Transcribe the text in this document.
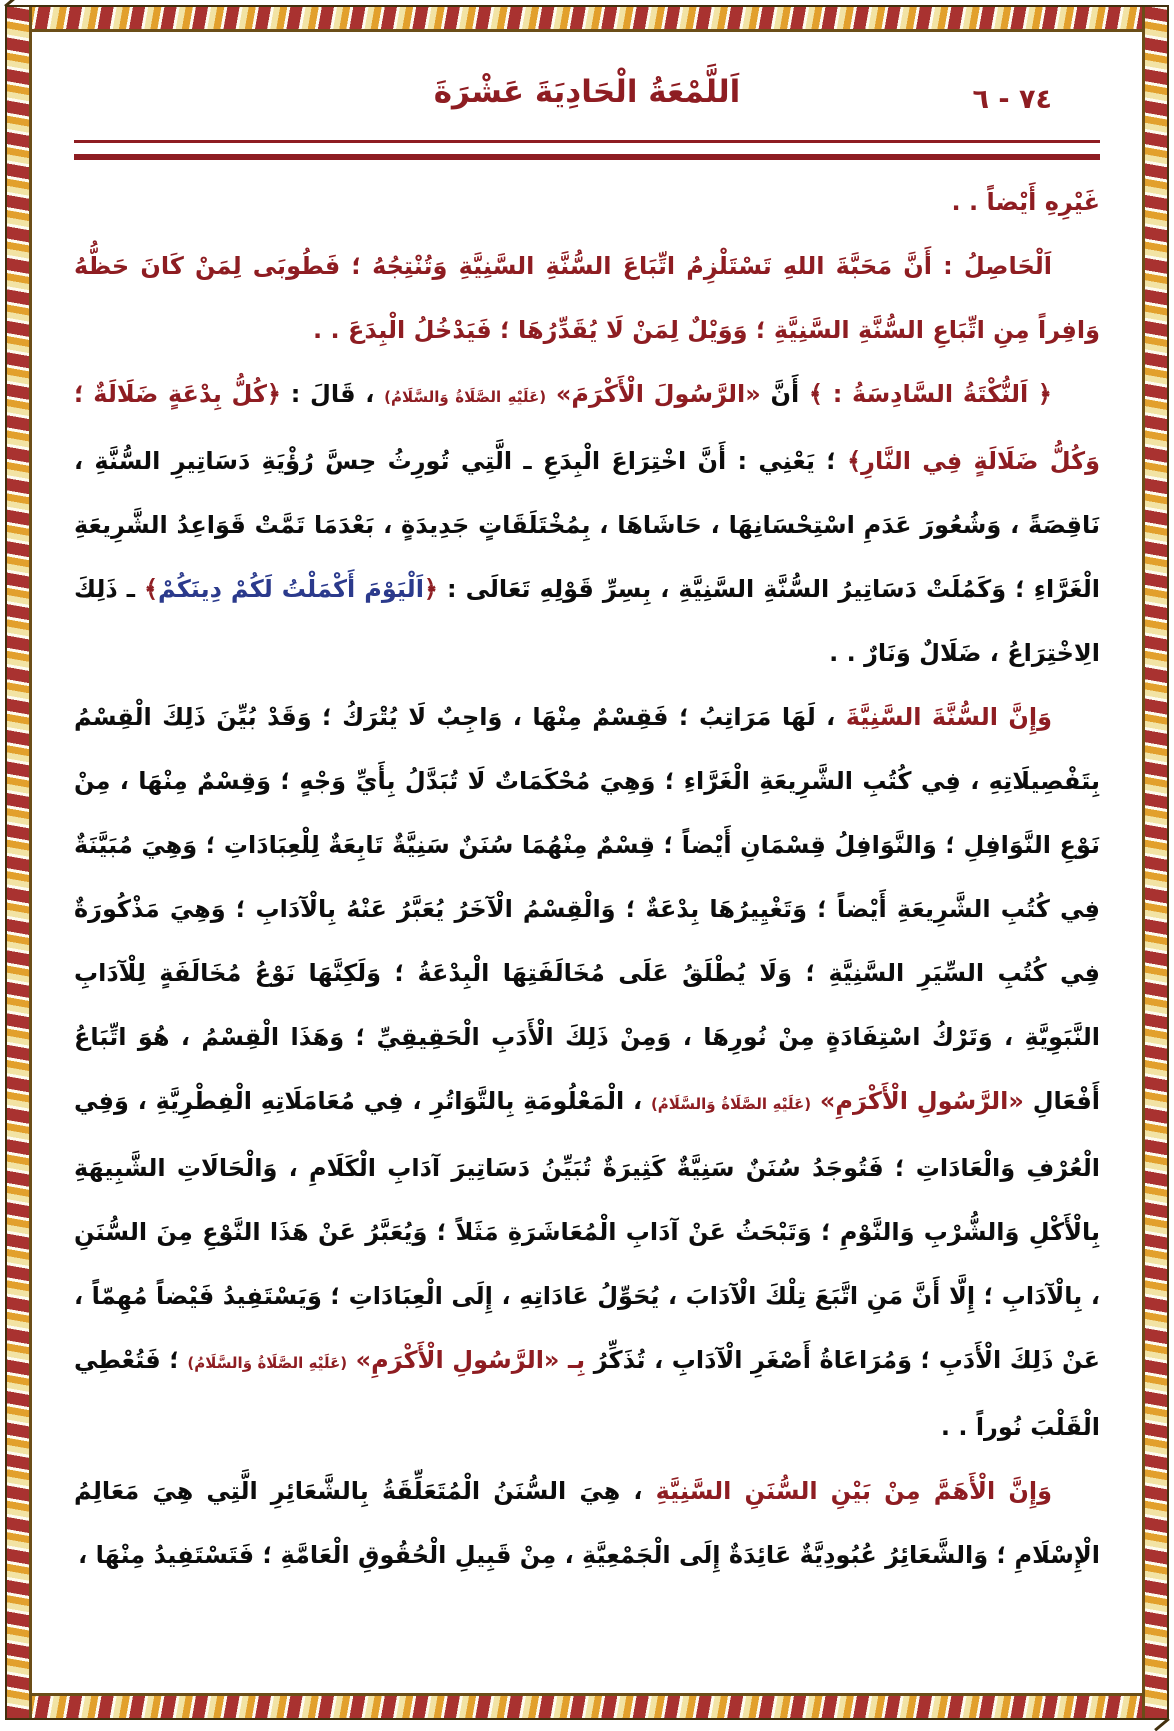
٧٤ - ٦
اَللَّمْعَةُ الْحَادِيَةَ عَشْرَةَ

غَيْرِهِ أَيْضاً . .

اَلْحَاصِلُ : أَنَّ مَحَبَّةَ اللهِ تَسْتَلْزِمُ اتِّبَاعَ السُّنَّةِ السَّنِيَّةِ وَتُنْتِجُهُ ؛ فَطُوبَى لِمَنْ كَانَ حَظُّهُ وَافِراً مِنِ اتِّبَاعِ السُّنَّةِ السَّنِيَّةِ ؛ وَوَيْلٌ لِمَنْ لَا يُقَدِّرُهَا ؛ فَيَدْخُلُ الْبِدَعَ . .

﴿ اَلنُّكْتَةُ السَّادِسَةُ : ﴾ أَنَّ «الرَّسُولَ الْأَكْرَمَ» (عَلَيْهِ الصَّلَاةُ وَالسَّلَامُ) ، قَالَ : ﴿كُلُّ بِدْعَةٍ ضَلَالَةٌ ؛ وَكُلُّ ضَلَالَةٍ فِي النَّارِ﴾ ؛ يَعْنِي : أَنَّ اخْتِرَاعَ الْبِدَعِ ـ الَّتِي تُورِثُ حِسَّ رُؤْيَةِ دَسَاتِيرِ السُّنَّةِ ، نَاقِصَةً ، وَشُعُورَ عَدَمِ اسْتِحْسَانِهَا ، حَاشَاهَا ، بِمُخْتَلَقَاتٍ جَدِيدَةٍ ، بَعْدَمَا تَمَّتْ قَوَاعِدُ الشَّرِيعَةِ الْغَرَّاءِ ؛ وَكَمُلَتْ دَسَاتِيرُ السُّنَّةِ السَّنِيَّةِ ، بِسِرِّ قَوْلِهِ تَعَالَى : ﴿اَلْيَوْمَ أَكْمَلْتُ لَكُمْ دِينَكُمْ﴾ ـ ذَلِكَ الِاخْتِرَاعُ ، ضَلَالٌ وَنَارٌ . .

وَإِنَّ السُّنَّةَ السَّنِيَّةَ ، لَهَا مَرَاتِبُ ؛ فَقِسْمٌ مِنْهَا ، وَاجِبٌ لَا يُتْرَكُ ؛ وَقَدْ بُيِّنَ ذَلِكَ الْقِسْمُ بِتَفْصِيلَاتِهِ ، فِي كُتُبِ الشَّرِيعَةِ الْغَرَّاءِ ؛ وَهِيَ مُحْكَمَاتٌ لَا تُبَدَّلُ بِأَيِّ وَجْهٍ ؛ وَقِسْمٌ مِنْهَا ، مِنْ نَوْعِ النَّوَافِلِ ؛ وَالنَّوَافِلُ قِسْمَانِ أَيْضاً ؛ قِسْمٌ مِنْهُمَا سُنَنٌ سَنِيَّةٌ تَابِعَةٌ لِلْعِبَادَاتِ ؛ وَهِيَ مُبَيَّنَةٌ فِي كُتُبِ الشَّرِيعَةِ أَيْضاً ؛ وَتَغْيِيرُهَا بِدْعَةٌ ؛ وَالْقِسْمُ الْآخَرُ يُعَبَّرُ عَنْهُ بِالْآدَابِ ؛ وَهِيَ مَذْكُورَةٌ فِي كُتُبِ السِّيَرِ السَّنِيَّةِ ؛ وَلَا يُطْلَقُ عَلَى مُخَالَفَتِهَا الْبِدْعَةُ ؛ وَلَكِنَّهَا نَوْعُ مُخَالَفَةٍ لِلْآدَابِ النَّبَوِيَّةِ ، وَتَرْكُ اسْتِفَادَةٍ مِنْ نُورِهَا ، وَمِنْ ذَلِكَ الْأَدَبِ الْحَقِيقِيِّ ؛ وَهَذَا الْقِسْمُ ، هُوَ اتِّبَاعُ أَفْعَالِ «الرَّسُولِ الْأَكْرَمِ» (عَلَيْهِ الصَّلَاةُ وَالسَّلَامُ) ، الْمَعْلُومَةِ بِالتَّوَاتُرِ ، فِي مُعَامَلَاتِهِ الْفِطْرِيَّةِ ، وَفِي الْعُرْفِ وَالْعَادَاتِ ؛ فَتُوجَدُ سُنَنٌ سَنِيَّةٌ كَثِيرَةٌ تُبَيِّنُ دَسَاتِيرَ آدَابِ الْكَلَامِ ، وَالْحَالَاتِ الشَّبِيهَةِ بِالْأَكْلِ وَالشُّرْبِ وَالنَّوْمِ ؛ وَتَبْحَثُ عَنْ آدَابِ الْمُعَاشَرَةِ مَثَلاً ؛ وَيُعَبَّرُ عَنْ هَذَا النَّوْعِ مِنَ السُّنَنِ ، بِالْآدَابِ ؛ إِلَّا أَنَّ مَنِ اتَّبَعَ تِلْكَ الْآدَابَ ، يُحَوِّلُ عَادَاتِهِ ، إِلَى الْعِبَادَاتِ ؛ وَيَسْتَفِيدُ فَيْضاً مُهِمّاً ، عَنْ ذَلِكَ الْأَدَبِ ؛ وَمُرَاعَاةُ أَصْغَرِ الْآدَابِ ، تُذَكِّرُ بِـ «الرَّسُولِ الْأَكْرَمِ» (عَلَيْهِ الصَّلَاةُ وَالسَّلَامُ) ؛ فَتُعْطِي الْقَلْبَ نُوراً . .

وَإِنَّ الْأَهَمَّ مِنْ بَيْنِ السُّنَنِ السَّنِيَّةِ ، هِيَ السُّنَنُ الْمُتَعَلِّقَةُ بِالشَّعَائِرِ الَّتِي هِيَ مَعَالِمُ الْإِسْلَامِ ؛ وَالشَّعَائِرُ عُبُودِيَّةٌ عَائِدَةٌ إِلَى الْجَمْعِيَّةِ ، مِنْ قَبِيلِ الْحُقُوقِ الْعَامَّةِ ؛ فَتَسْتَفِيدُ مِنْهَا ،
